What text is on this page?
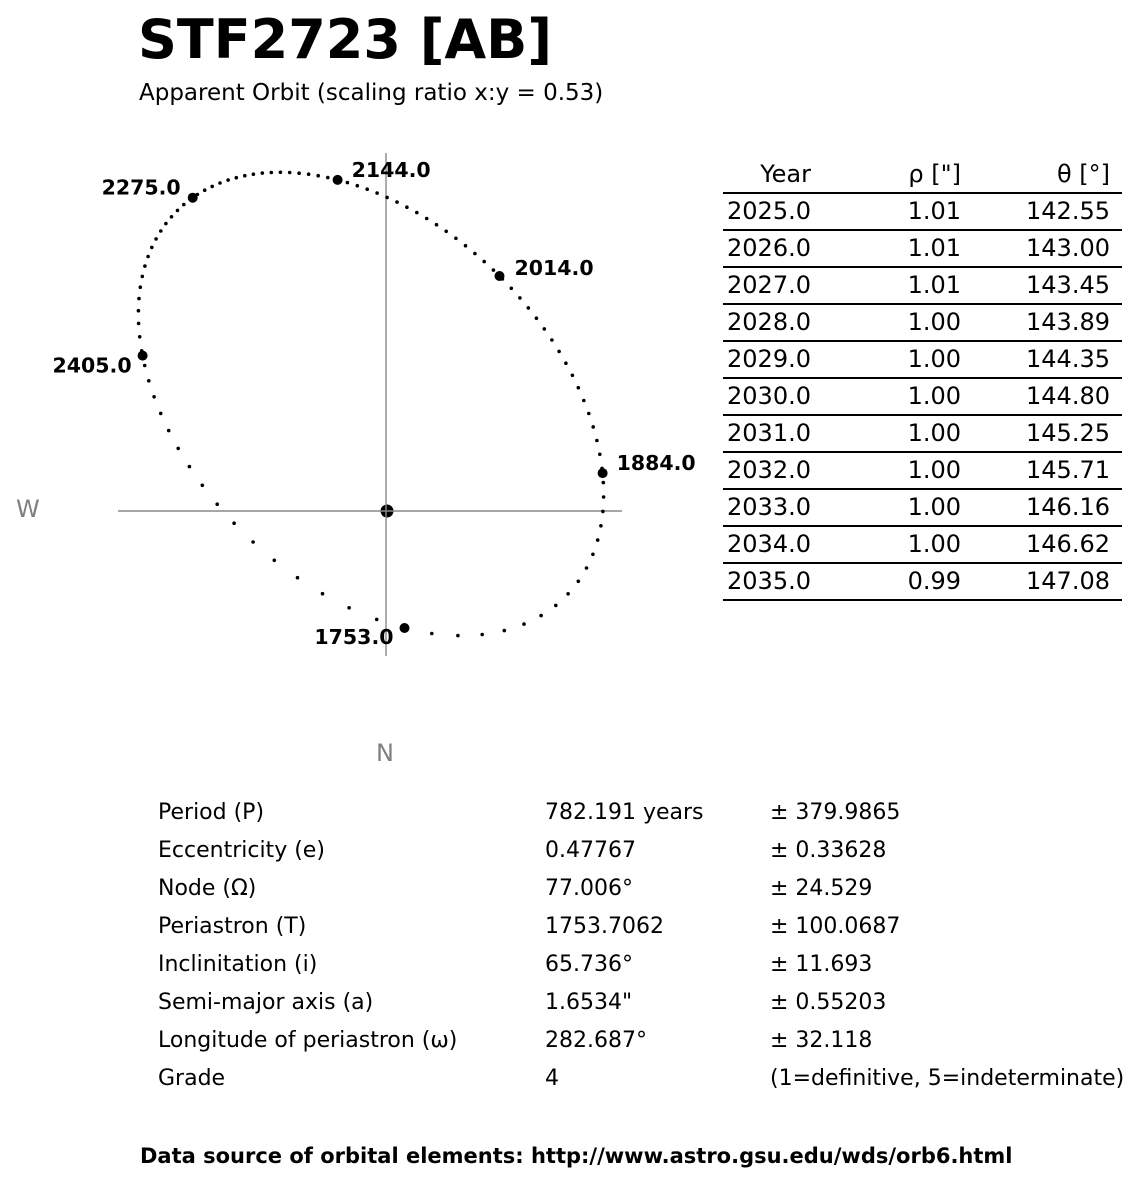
STF2723 [AB]
Apparent Orbit (scaling ratio x:y = 0.53)
1753.0
1884.0
2014.0
2144.0
2275.0
2405.0
W
N
Year	ρ ["]	θ [°]
2025.0	1.01	142.55
2026.0	1.01	143.00
2027.0	1.01	143.45
2028.0	1.00	143.89
2029.0	1.00	144.35
2030.0	1.00	144.80
2031.0	1.00	145.25
2032.0	1.00	145.71
2033.0	1.00	146.16
2034.0	1.00	146.62
2035.0	0.99	147.08
Period (P)	782.191 years	± 379.9865
Eccentricity (e)	0.47767	± 0.33628
Node (Ω)	77.006°	± 24.529
Periastron (T)	1753.7062	± 100.0687
Inclinitation (i)	65.736°	± 11.693
Semi-major axis (a)	1.6534"	± 0.55203
Longitude of periastron (ω)	282.687°	± 32.118
Grade	4	(1=definitive, 5=indeterminate)
Data source of orbital elements: http://www.astro.gsu.edu/wds/orb6.html
